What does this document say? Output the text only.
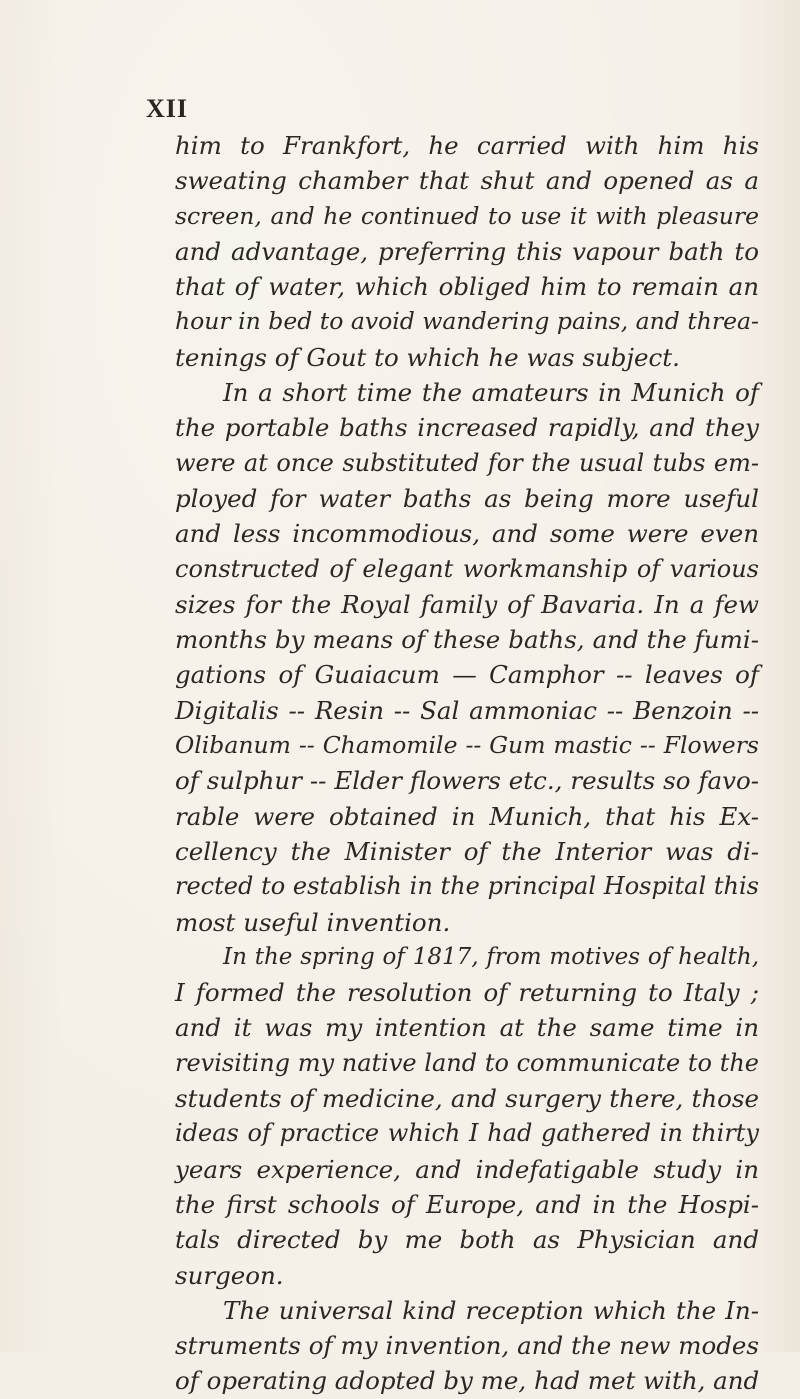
XII
him to Frankfort, he carried with him his
sweating chamber that shut and opened as a
screen, and he continued to use it with pleasure
and advantage, preferring this vapour bath to
that of water, which obliged him to remain an
hour in bed to avoid wandering pains, and threa-
tenings of Gout to which he was subject.
In a short time the amateurs in Munich of
the portable baths increased rapidly, and they
were at once substituted for the usual tubs em-
ployed for water baths as being more useful
and less incommodious, and some were even
constructed of elegant workmanship of various
sizes for the Royal family of Bavaria. In a few
months by means of these baths, and the fumi-
gations of Guaiacum — Camphor -- leaves of
Digitalis -- Resin -- Sal ammoniac -- Benzoin --
Olibanum -- Chamomile -- Gum mastic -- Flowers
of sulphur -- Elder flowers etc., results so favo-
rable were obtained in Munich, that his Ex-
cellency the Minister of the Interior was di-
rected to establish in the principal Hospital this
most useful invention.
In the spring of 1817, from motives of health,
I formed the resolution of returning to Italy ;
and it was my intention at the same time in
revisiting my native land to communicate to the
students of medicine, and surgery there, those
ideas of practice which I had gathered in thirty
years experience, and indefatigable study in
the first schools of Europe, and in the Hospi-
tals directed by me both as Physician and
surgeon.
The universal kind reception which the In-
struments of my invention, and the new modes
of operating adopted by me, had met with, and
